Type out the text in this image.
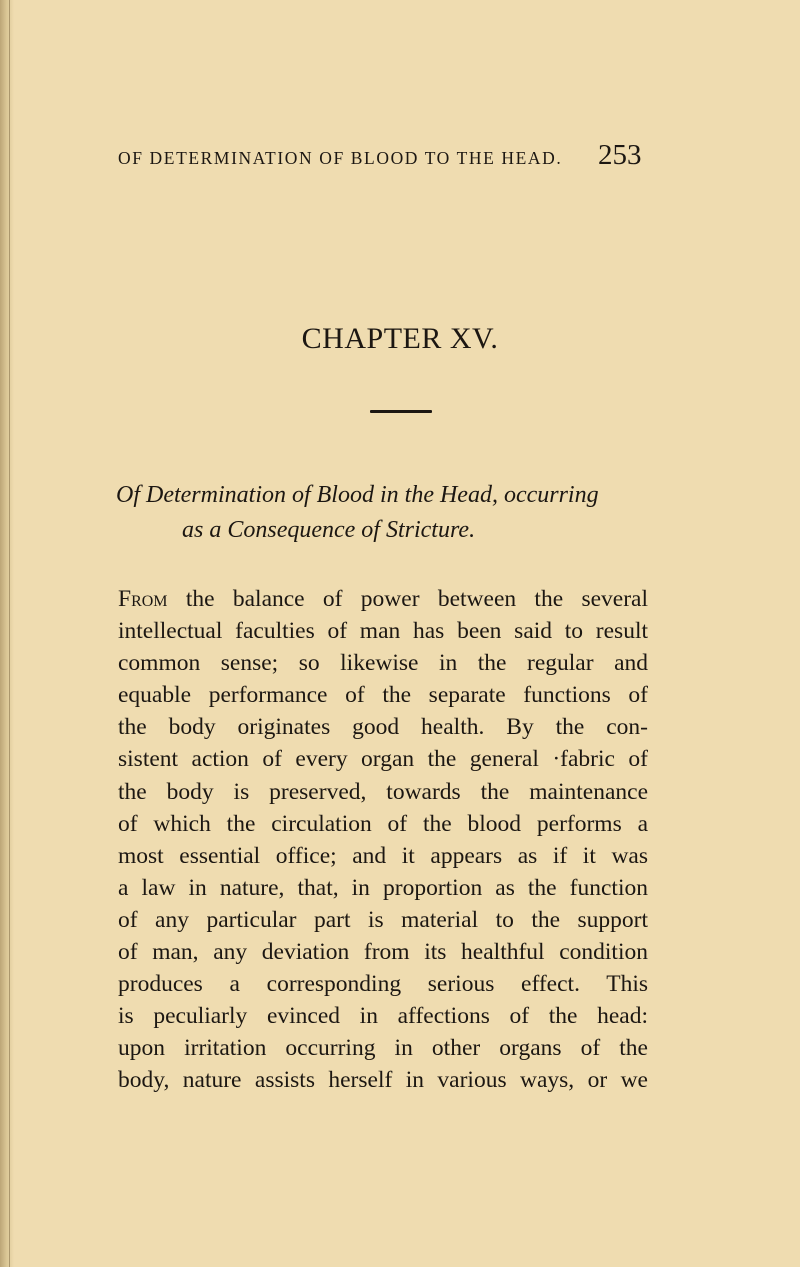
OF DETERMINATION OF BLOOD TO THE HEAD. 253
CHAPTER XV.
Of Determination of Blood in the Head, occurring
as a Consequence of Stricture.
From the balance of power between the several
intellectual faculties of man has been said to result
common sense; so likewise in the regular and
equable performance of the separate functions of
the body originates good health. By the con-
sistent action of every organ the general ·fabric of
the body is preserved, towards the maintenance
of which the circulation of the blood performs a
most essential office; and it appears as if it was
a law in nature, that, in proportion as the function
of any particular part is material to the support
of man, any deviation from its healthful condition
produces a corresponding serious effect. This
is peculiarly evinced in affections of the head:
upon irritation occurring in other organs of the
body, nature assists herself in various ways, or we
